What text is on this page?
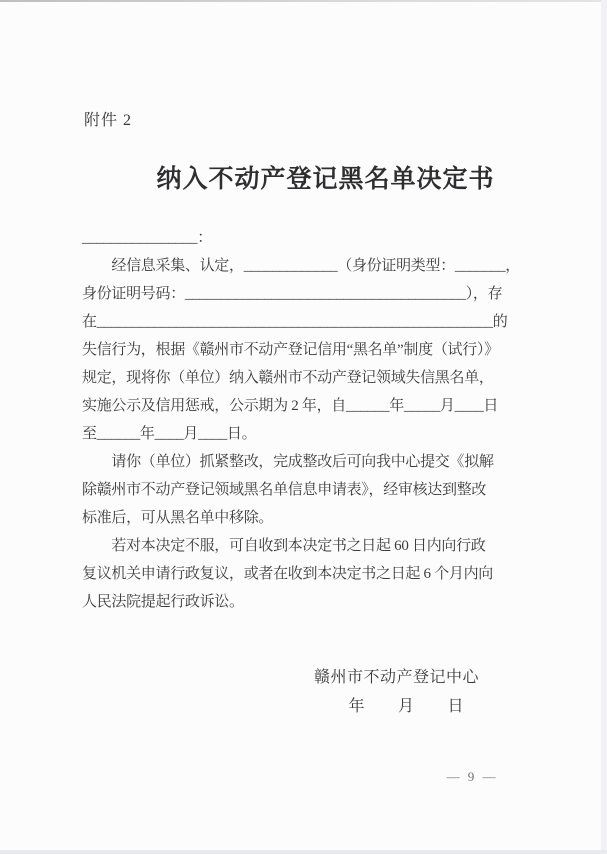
附件 2
纳入不动产登记黑名单决定书
________________：
　　经信息采集、认定，_____________（身份证明类型：_______，
身份证明号码：_______________________________________），存
在_______________________________________________________的
失信行为，根据《赣州市不动产登记信用“黑名单”制度（试行）》
规定，现将你（单位）纳入赣州市不动产登记领域失信黑名单，
实施公示及信用惩戒，公示期为 2 年，自______年_____月____日
至______年____月____日。
　　请你（单位）抓紧整改，完成整改后可向我中心提交《拟解
除赣州市不动产登记领域黑名单信息申请表》，经审核达到整改
标准后，可从黑名单中移除。
　　若对本决定不服，可自收到本决定书之日起 60 日内向行政
复议机关申请行政复议，或者在收到本决定书之日起 6 个月内向
人民法院提起行政诉讼。
赣州市不动产登记中心
年　　月　　日
— 9 —
